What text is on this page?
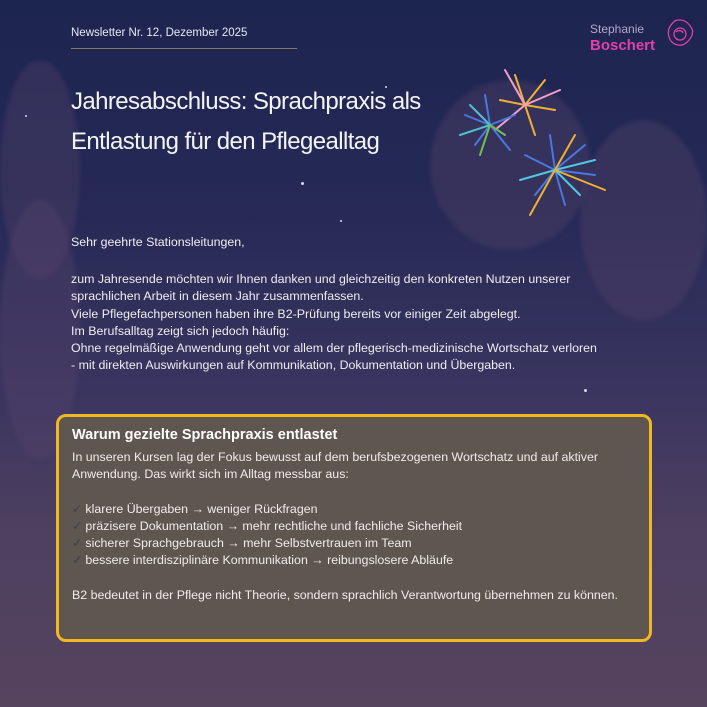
Newsletter Nr. 12, Dezember 2025	Stephanie
Boschert
Jahresabschluss: Sprachpraxis als
Entlastung für den Pflegealltag
Sehr geehrte Stationsleitungen,
zum Jahresende möchten wir Ihnen danken und gleichzeitig den konkreten Nutzen unserer
sprachlichen Arbeit in diesem Jahr zusammenfassen.
Viele Pflegefachpersonen haben ihre B2-Prüfung bereits vor einiger Zeit abgelegt.
Im Berufsalltag zeigt sich jedoch häufig:
Ohne regelmäßige Anwendung geht vor allem der pflegerisch-medizinische Wortschatz verloren
- mit direkten Auswirkungen auf Kommunikation, Dokumentation und Übergaben.
Warum gezielte Sprachpraxis entlastet

In unseren Kursen lag der Fokus bewusst auf dem berufsbezogenen Wortschatz und auf aktiver Anwendung. Das wirkt sich im Alltag messbar aus:

✓ klarere Übergaben → weniger Rückfragen
✓ präzisere Dokumentation → mehr rechtliche und fachliche Sicherheit
✓ sicherer Sprachgebrauch → mehr Selbstvertrauen im Team
✓ bessere interdisziplinäre Kommunikation → reibungslosere Abläufe

B2 bedeutet in der Pflege nicht Theorie, sondern sprachlich Verantwortung übernehmen zu können.
